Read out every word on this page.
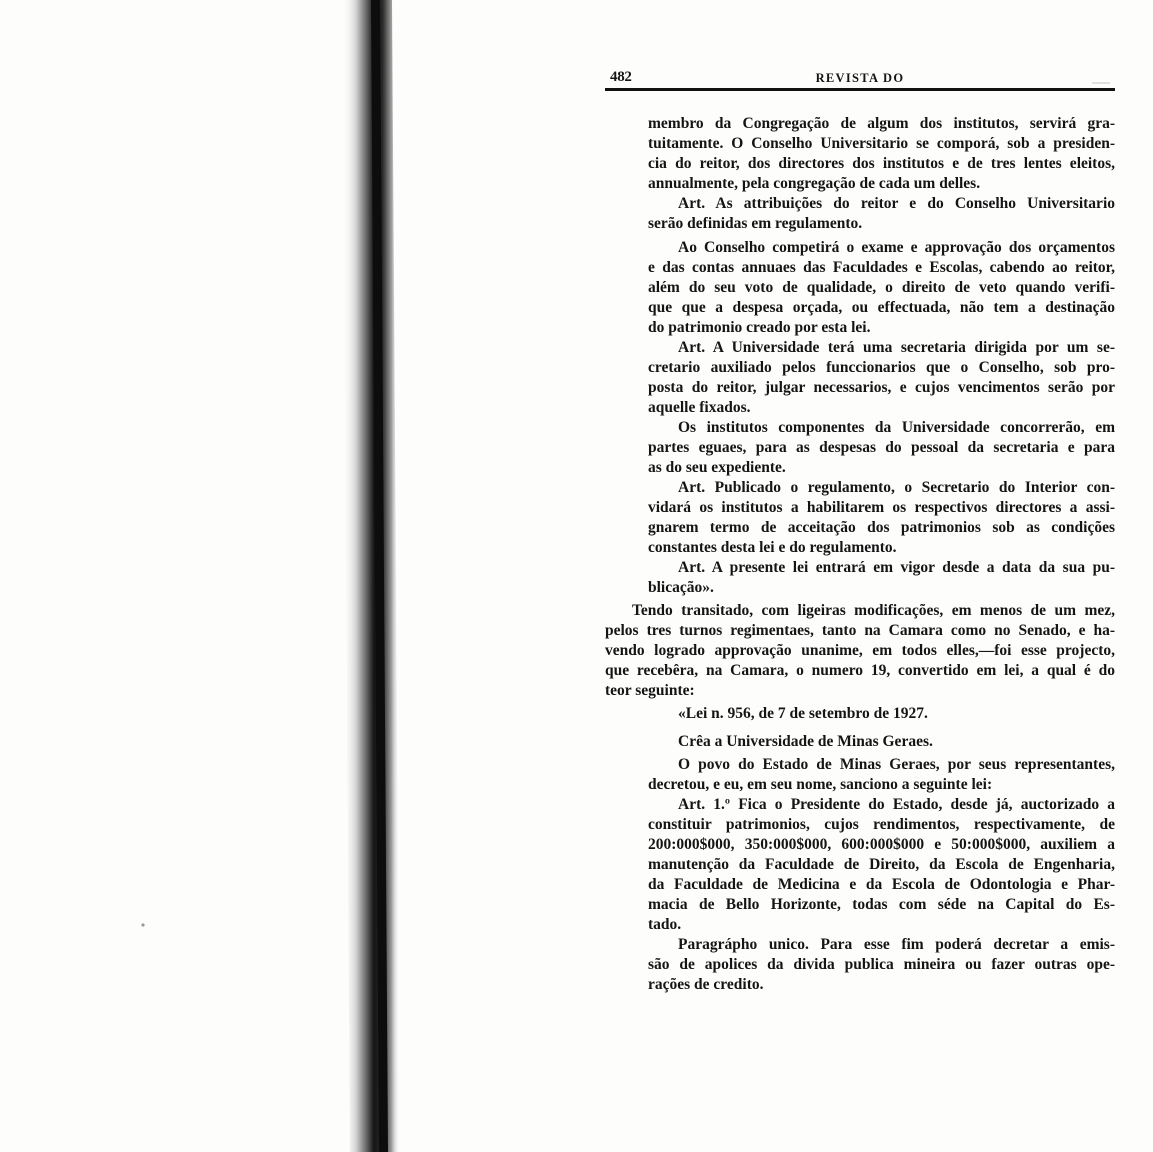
482	REVISTA DO
membro da Congregação de algum dos institutos, servirá gra-
tuitamente. O Conselho Universitario se comporá, sob a presiden-
cia do reitor, dos directores dos institutos e de tres lentes eleitos,
annualmente, pela congregação de cada um delles.
Art. As attribuições do reitor e do Conselho Universitario
serão definidas em regulamento.
Ao Conselho competirá o exame e approvação dos orçamentos
e das contas annuaes das Faculdades e Escolas, cabendo ao reitor,
além do seu voto de qualidade, o direito de veto quando verifi-
que que a despesa orçada, ou effectuada, não tem a destinação
do patrimonio creado por esta lei.
Art. A Universidade terá uma secretaria dirigida por um se-
cretario auxiliado pelos funccionarios que o Conselho, sob pro-
posta do reitor, julgar necessarios, e cujos vencimentos serão por
aquelle fixados.
Os institutos componentes da Universidade concorrerão, em
partes eguaes, para as despesas do pessoal da secretaria e para
as do seu expediente.
Art. Publicado o regulamento, o Secretario do Interior con-
vidará os institutos a habilitarem os respectivos directores a assi-
gnarem termo de acceitação dos patrimonios sob as condições
constantes desta lei e do regulamento.
Art. A presente lei entrará em vigor desde a data da sua pu-
blicação».
Tendo transitado, com ligeiras modificações, em menos de um mez,
pelos tres turnos regimentaes, tanto na Camara como no Senado, e ha-
vendo logrado approvação unanime, em todos elles,—foi esse projecto,
que recebêra, na Camara, o numero 19, convertido em lei, a qual é do
teor seguinte:
«Lei n. 956, de 7 de setembro de 1927.
Crêa a Universidade de Minas Geraes.
O povo do Estado de Minas Geraes, por seus representantes,
decretou, e eu, em seu nome, sanciono a seguinte lei:
Art. 1.º Fica o Presidente do Estado, desde já, auctorizado a
constituir patrimonios, cujos rendimentos, respectivamente, de
200:000$000, 350:000$000, 600:000$000 e 50:000$000, auxiliem a
manutenção da Faculdade de Direito, da Escola de Engenharia,
da Faculdade de Medicina e da Escola de Odontologia e Phar-
macia de Bello Horizonte, todas com séde na Capital do Es-
tado.
Paragrápho unico. Para esse fim poderá decretar a emis-
são de apolices da divida publica mineira ou fazer outras ope-
rações de credito.
